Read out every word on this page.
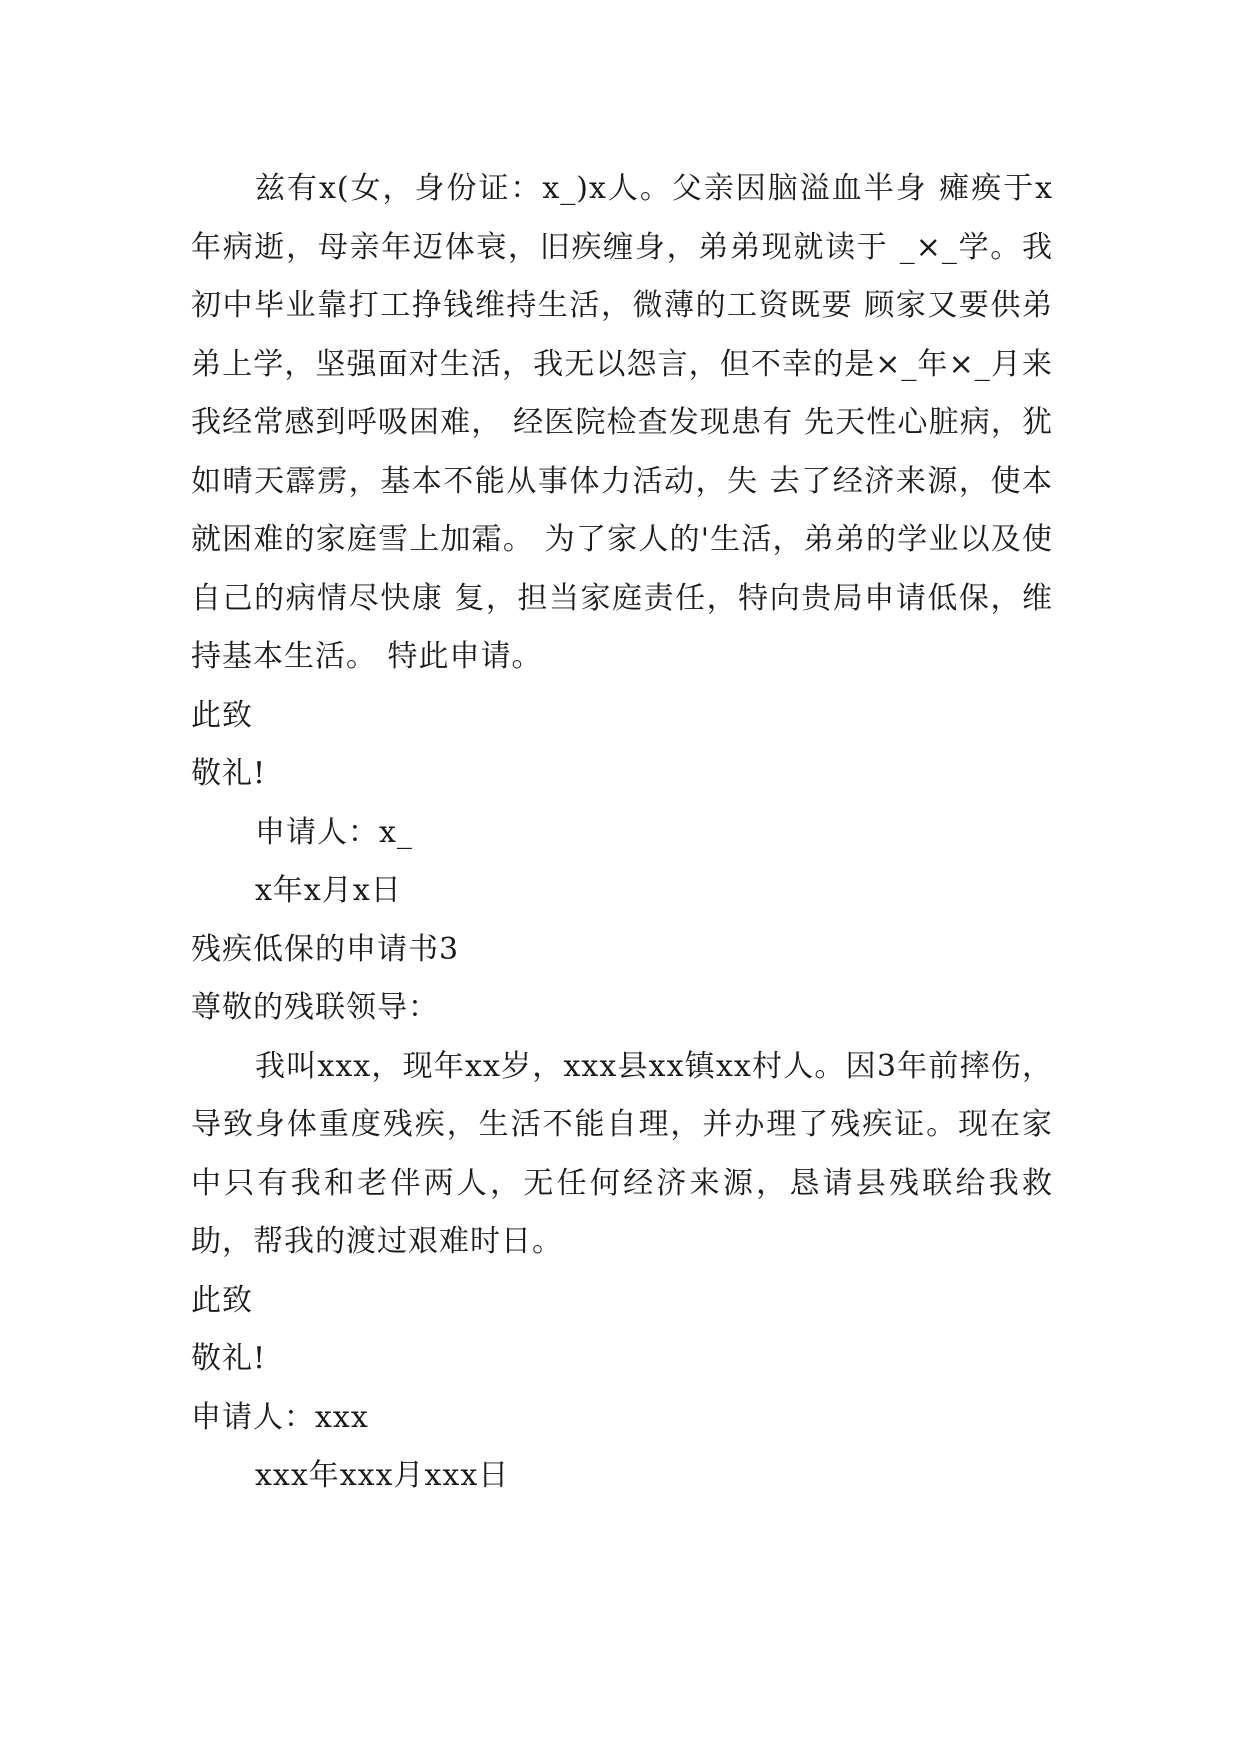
兹有x(女，身份证：x_)x人。父亲因脑溢血半身 瘫痪于x年病逝，母亲年迈体衰，旧疾缠身，弟弟现就读于 _×_学。我初中毕业靠打工挣钱维持生活，微薄的工资既要 顾家又要供弟弟上学，坚强面对生活，我无以怨言，但不幸的是×_年×_月来我经常感到呼吸困难， 经医院检查发现患有 先天性心脏病，犹如晴天霹雳，基本不能从事体力活动，失 去了经济来源，使本就困难的家庭雪上加霜。 为了家人的'生活，弟弟的学业以及使自己的病情尽快康 复，担当家庭责任，特向贵局申请低保，维持基本生活。 特此申请。

此致

敬礼!

申请人：x_

x年x月x日

残疾低保的申请书3

尊敬的残联领导：

我叫xxx，现年xx岁，xxx县xx镇xx村人。因3年前摔伤，导致身体重度残疾，生活不能自理，并办理了残疾证。现在家中只有我和老伴两人，无任何经济来源，恳请县残联给我救助，帮我的渡过艰难时日。

此致

敬礼!

申请人：xxx

xxx年xxx月xxx日
